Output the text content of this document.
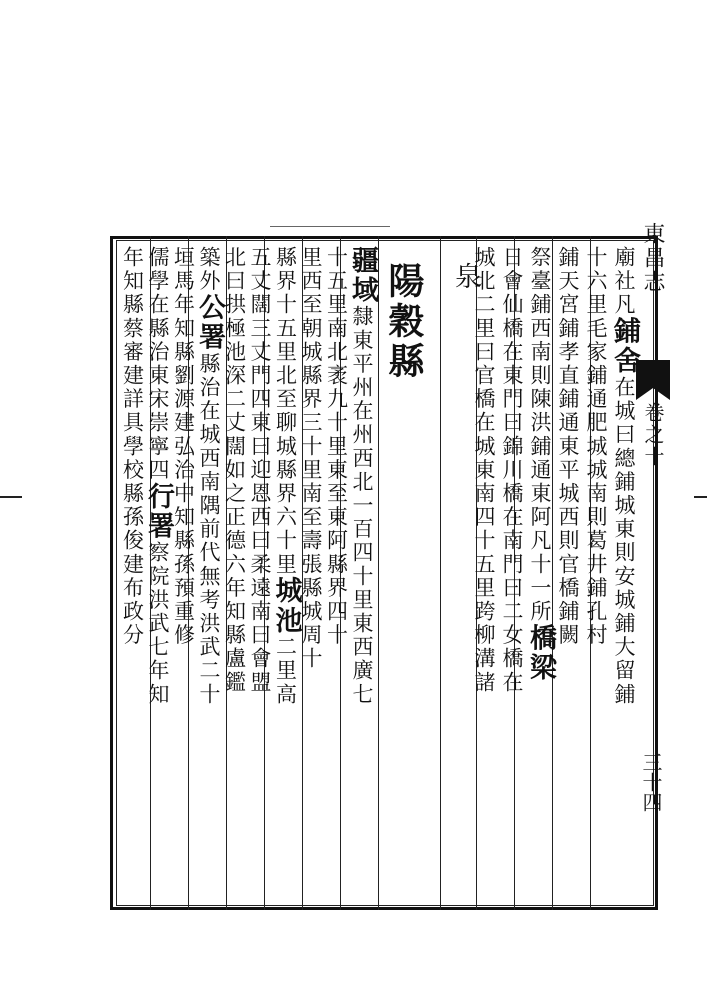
東昌志
卷之十
三十四
陽穀縣	廟社凡鋪舍在城曰總鋪城東則安城鋪大留鋪
十六里毛家鋪通肥城城南則葛井鋪孔村
鋪天宮鋪孝直鋪通東平城西則官橋鋪闕
祭臺鋪西南則陳洪鋪通東阿凡十一所橋梁
日會仙橋在東門曰錦川橋在南門曰二女橋在
城北二里曰官橋在城東南四十五里跨柳溝諸
泉
疆域隸東平州在州西北一百四十里東西廣七
十五里南北袤九十里東至東阿縣界四十
里西至朝城縣界三十里南至壽張縣城周十
縣界十五里北至聊城縣界六十里城池二里高
五丈闊三丈門四東曰迎恩西曰柔遠南曰會盟
北曰拱極池深二丈闊如之正德六年知縣盧鑑
築外公署縣治在城西南隅前代無考洪武二十
垣馬年知縣劉源建弘治中知縣孫預重修
儒學在縣治東宋崇寧四行署察院洪武七年知
年知縣蔡審建詳具學校縣孫俊建布政分
